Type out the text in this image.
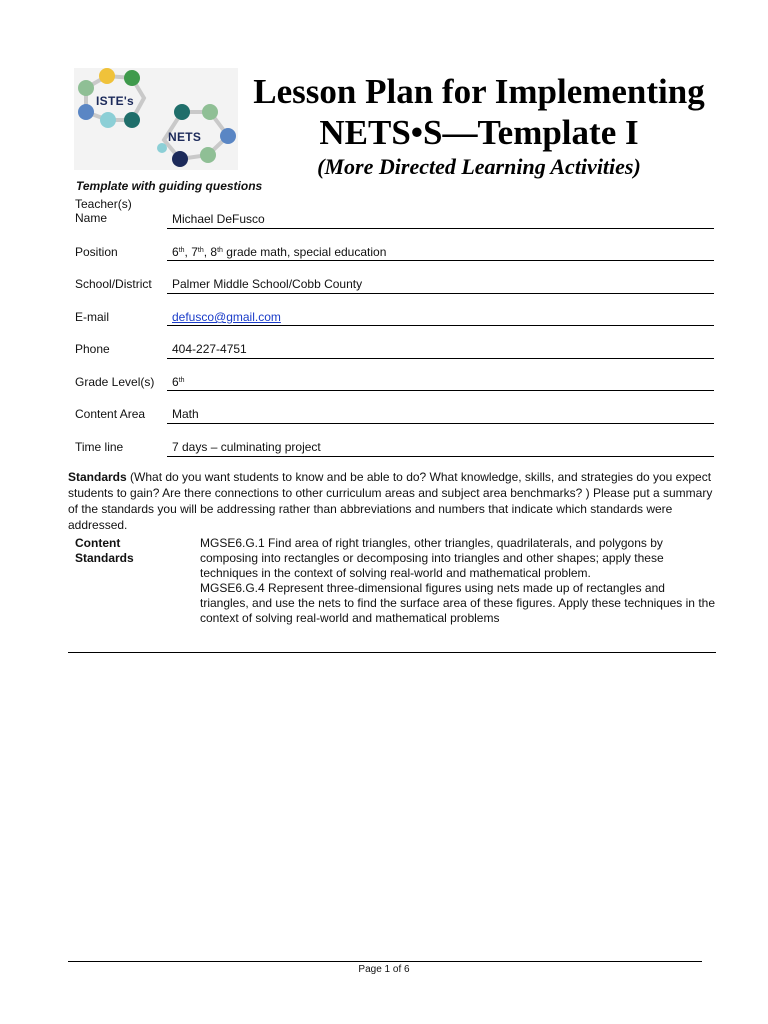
ISTE's
NETS
Lesson Plan for Implementing
NETS•S—Template I
(More Directed Learning Activities)
Template with guiding questions
Teacher(s)
Name	Michael DeFusco
Position	6th, 7th, 8th grade math, special education
School/District Palmer Middle School/Cobb County
E-mail	defusco@gmail.com
Phone	404-227-4751
Grade Level(s) 6th
Content Area Math
Time line	7 days – culminating project
Standards (What do you want students to know and be able to do? What knowledge, skills, and strategies do you expect students to gain? Are there connections to other curriculum areas and subject area benchmarks? ) Please put a summary of the standards you will be addressing rather than abbreviations and numbers that indicate which standards were addressed.
Content
Standards

MGSE6.G.1 Find area of right triangles, other triangles, quadrilaterals, and polygons by composing into rectangles or decomposing into triangles and other shapes; apply these techniques in the context of solving real-world and mathematical problem.

MGSE6.G.4 Represent three-dimensional figures using nets made up of rectangles and triangles, and use the nets to find the surface area of these figures. Apply these techniques in the context of solving real-world and mathematical problems

Page 1 of 6
